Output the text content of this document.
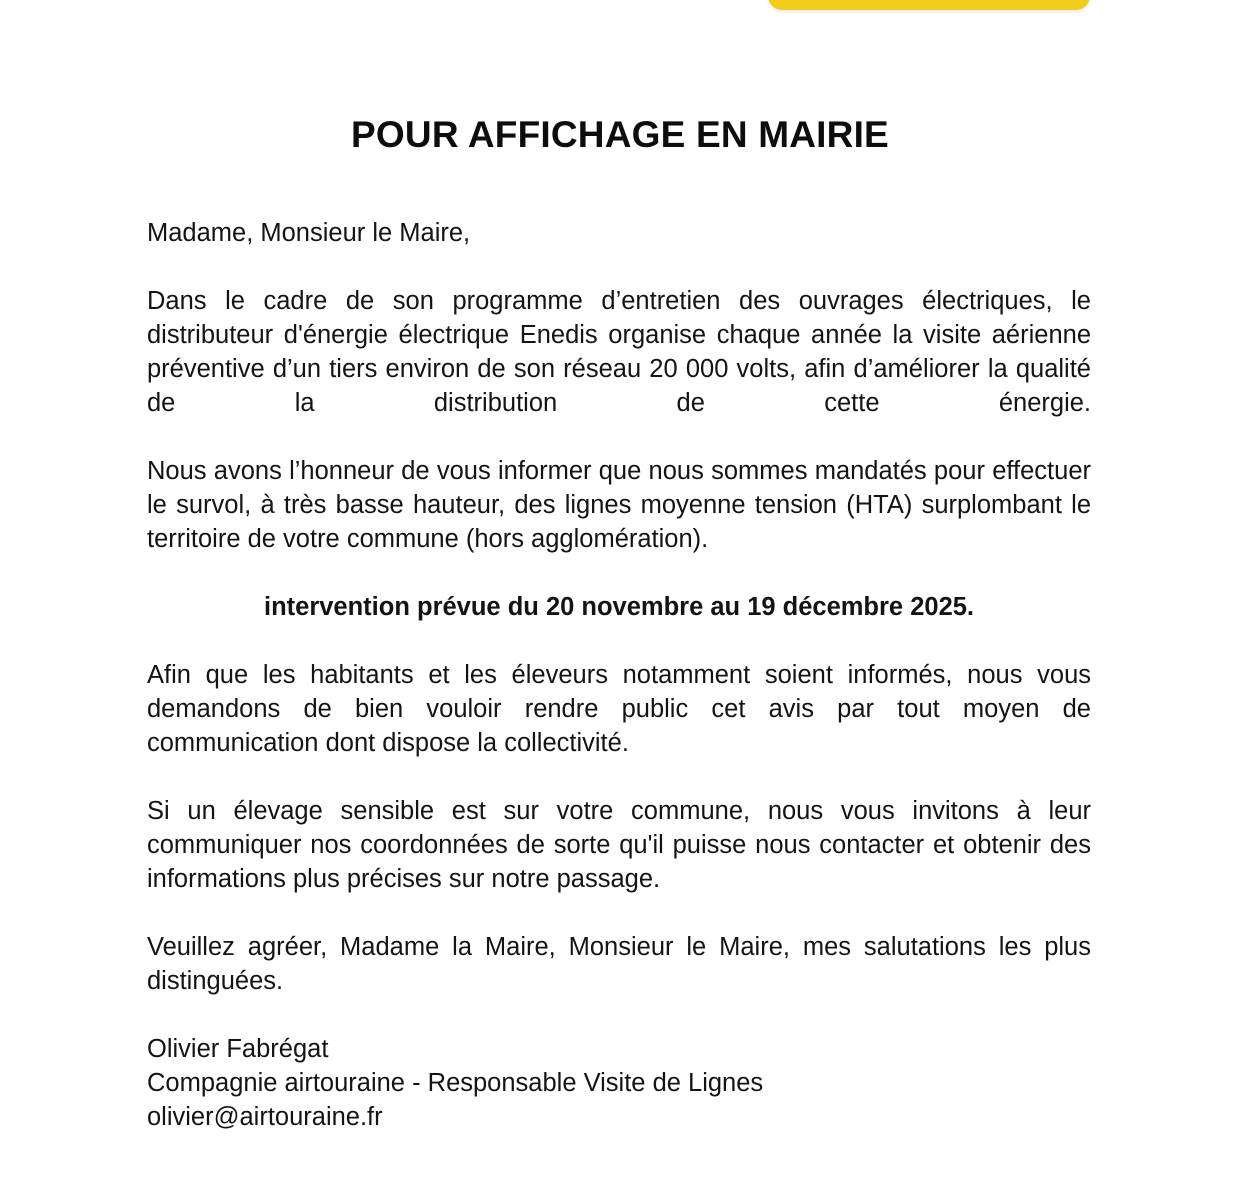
POUR AFFICHAGE EN MAIRIE

Madame, Monsieur le Maire,

Dans le cadre de son programme d’entretien des ouvrages électriques, le distributeur d'énergie électrique Enedis organise chaque année la visite aérienne préventive d’un tiers environ de son réseau 20 000 volts, afin d’améliorer la qualité de la distribution de cette énergie.

Nous avons l’honneur de vous informer que nous sommes mandatés pour effectuer le survol, à très basse hauteur, des lignes moyenne tension (HTA) surplombant le territoire de votre commune (hors agglomération).

intervention prévue du 20 novembre au 19 décembre 2025.

Afin que les habitants et les éleveurs notamment soient informés, nous vous demandons de bien vouloir rendre public cet avis par tout moyen de communication dont dispose la collectivité.

Si un élevage sensible est sur votre commune, nous vous invitons à leur communiquer nos coordonnées de sorte qu'il puisse nous contacter et obtenir des informations plus précises sur notre passage.

Veuillez agréer, Madame la Maire, Monsieur le Maire, mes salutations les plus distinguées.

Olivier Fabrégat
Compagnie airtouraine - Responsable Visite de Lignes
olivier@airtouraine.fr
